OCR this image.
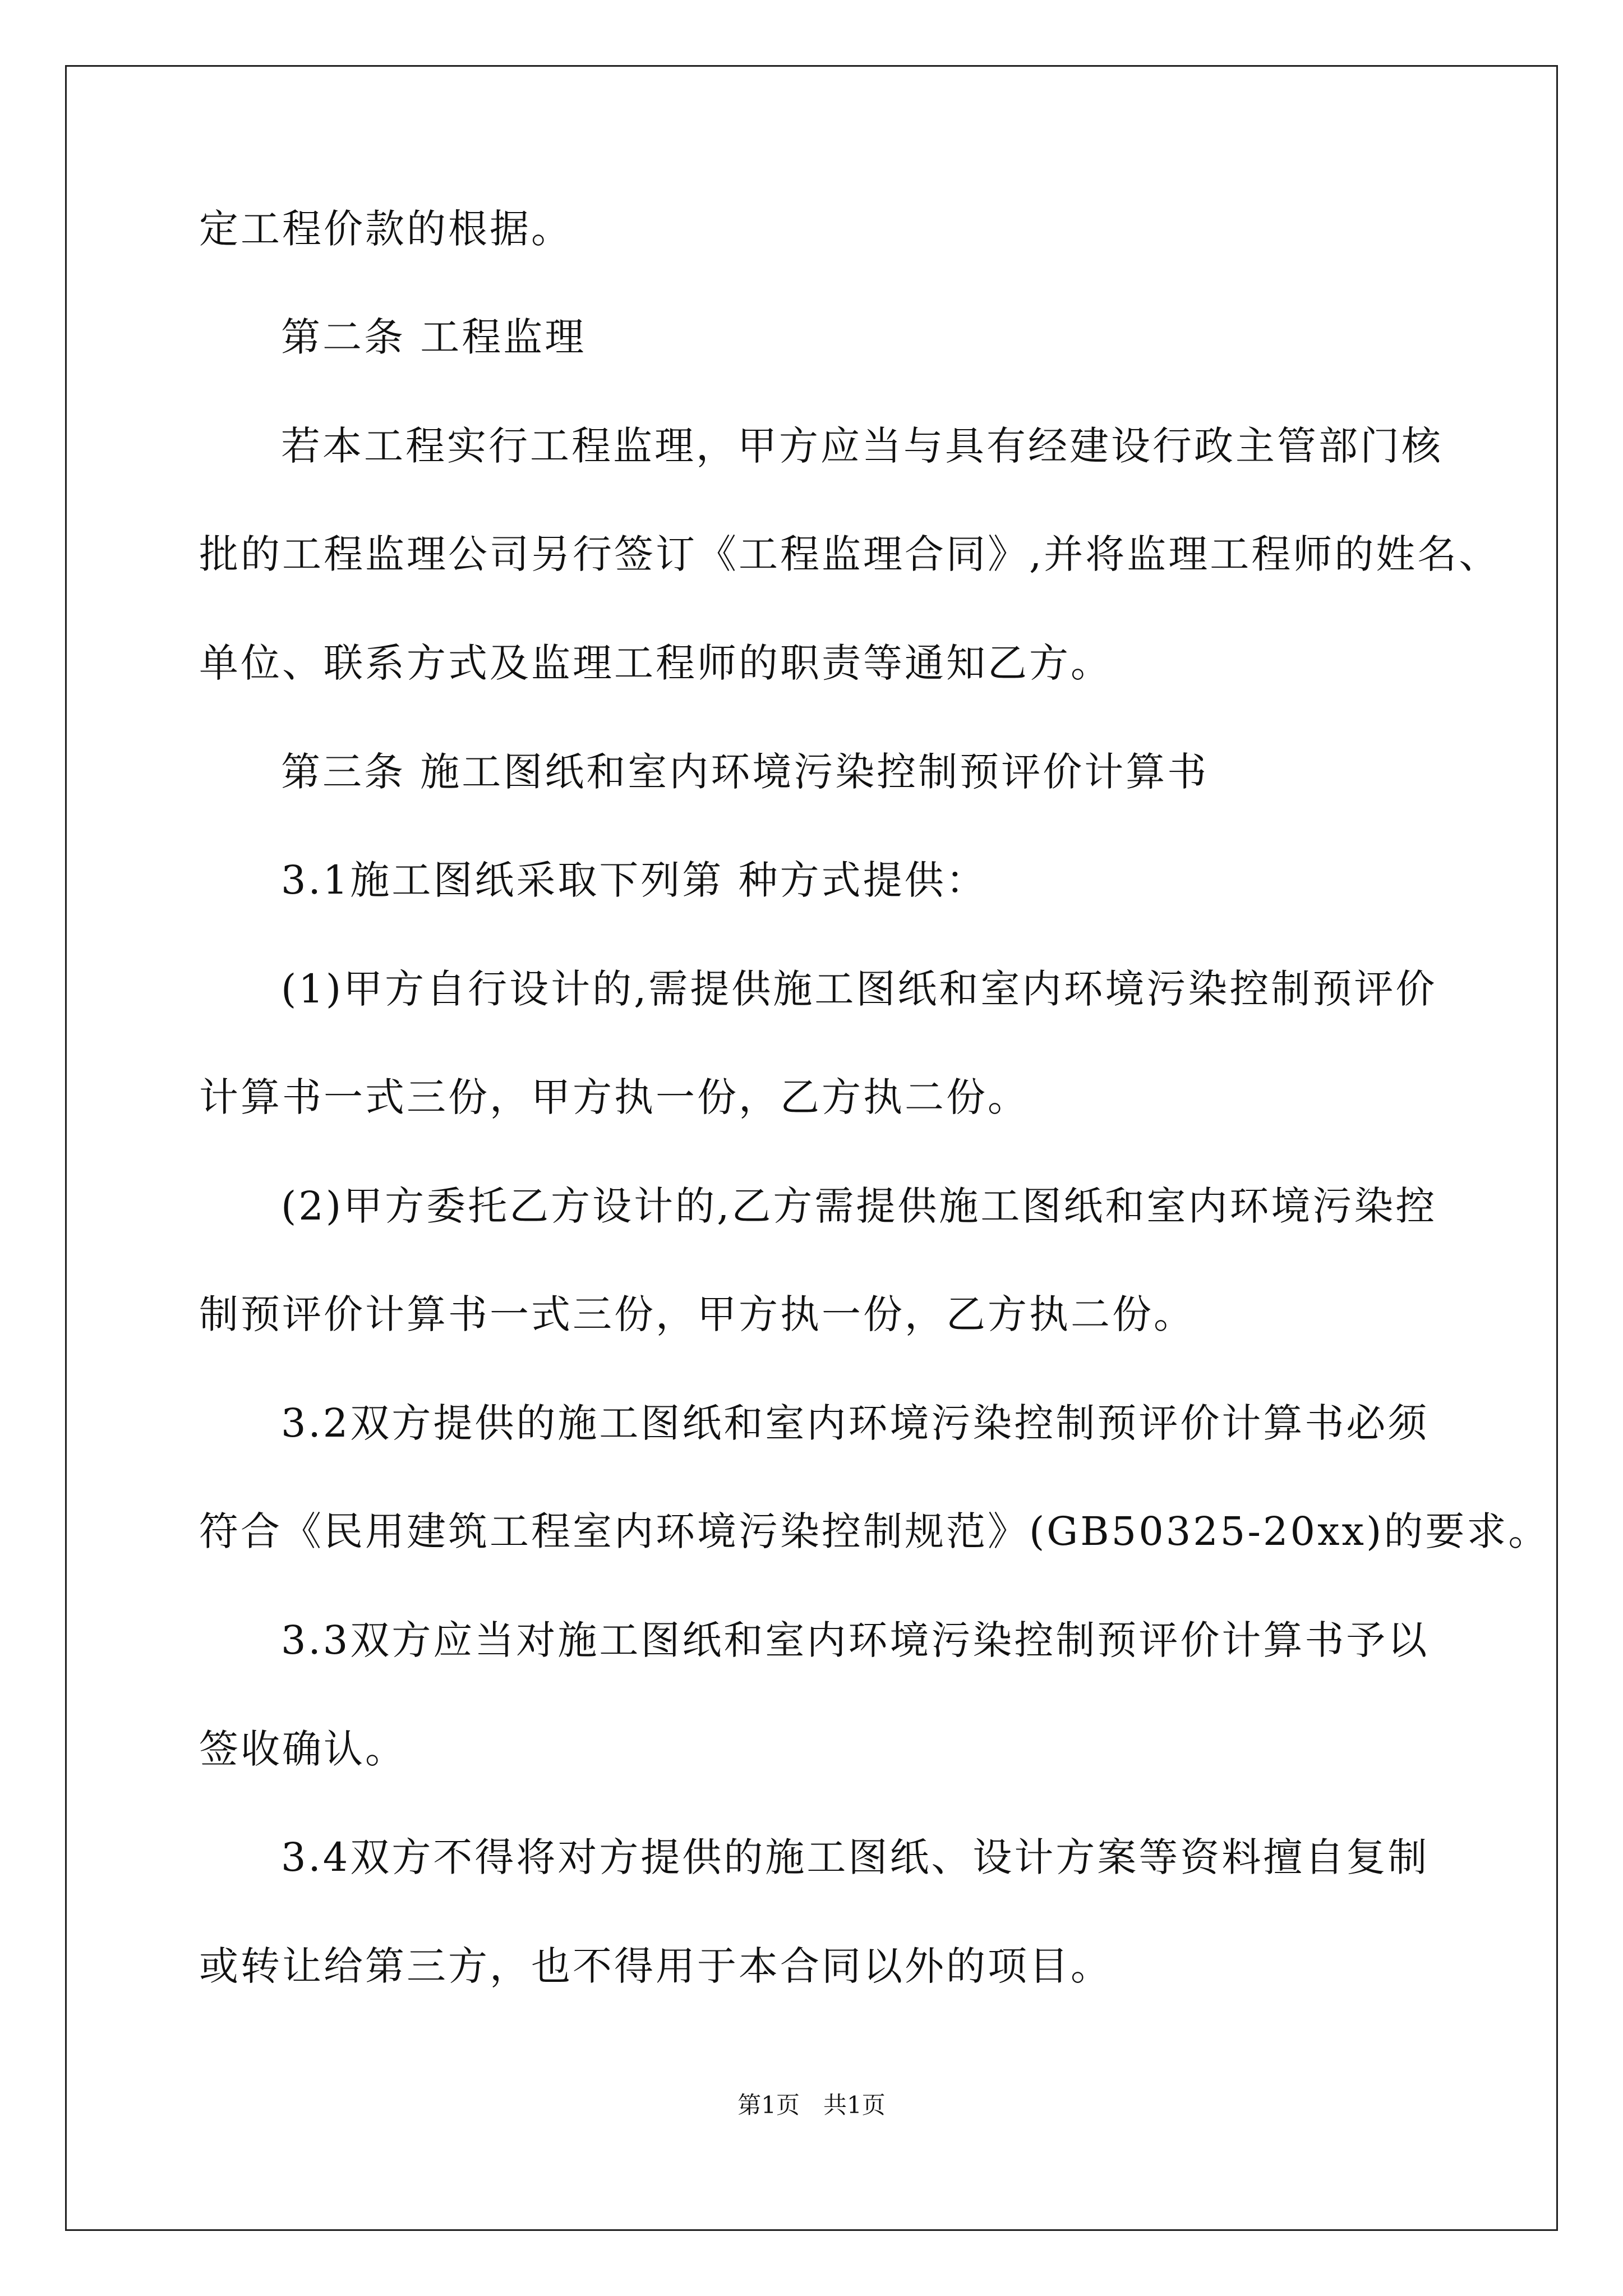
定工程价款的根据。
第二条 工程监理
若本工程实行工程监理，甲方应当与具有经建设行政主管部门核
批的工程监理公司另行签订《工程监理合同》,并将监理工程师的姓名、
单位、联系方式及监理工程师的职责等通知乙方。
第三条 施工图纸和室内环境污染控制预评价计算书
3.1施工图纸采取下列第 种方式提供：
(1)甲方自行设计的,需提供施工图纸和室内环境污染控制预评价
计算书一式三份，甲方执一份，乙方执二份。
(2)甲方委托乙方设计的,乙方需提供施工图纸和室内环境污染控
制预评价计算书一式三份，甲方执一份，乙方执二份。
3.2双方提供的施工图纸和室内环境污染控制预评价计算书必须
符合《民用建筑工程室内环境污染控制规范》(GB50325-20xx)的要求。
3.3双方应当对施工图纸和室内环境污染控制预评价计算书予以
签收确认。
3.4双方不得将对方提供的施工图纸、设计方案等资料擅自复制
或转让给第三方，也不得用于本合同以外的项目。
第1页　共1页
